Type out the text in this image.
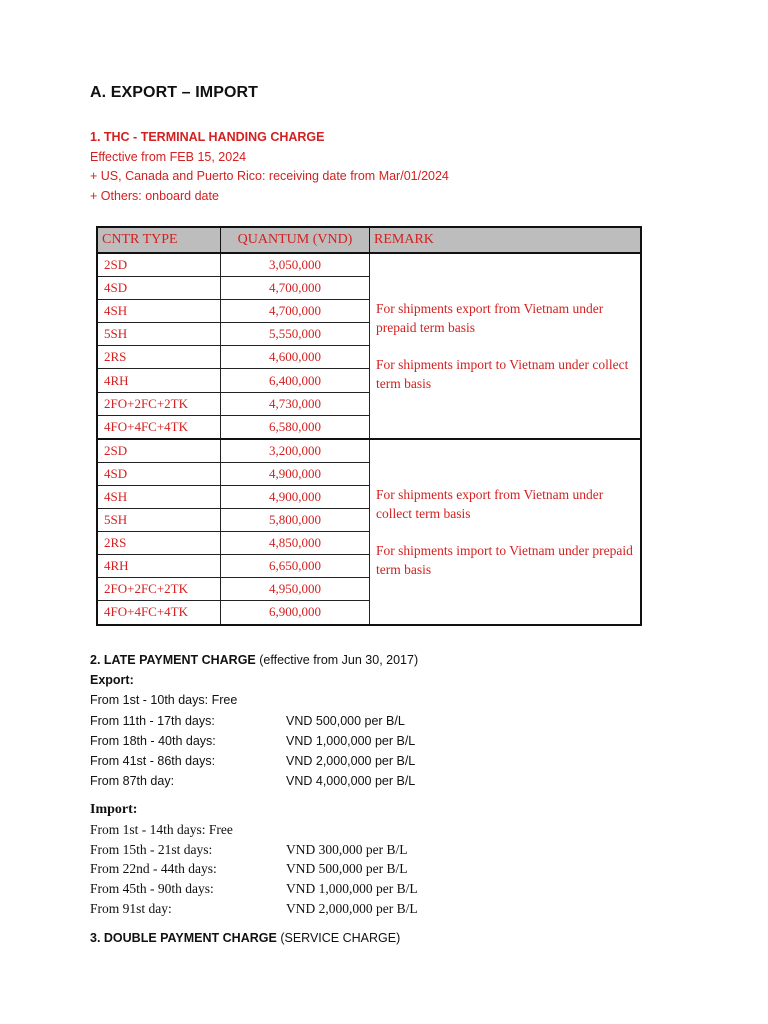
A. EXPORT – IMPORT
1. THC - TERMINAL HANDING CHARGE
Effective from FEB 15, 2024
+ US, Canada and Puerto Rico: receiving date from Mar/01/2024
+ Others: onboard date
CNTR TYPE	QUANTUM (VND)	REMARK
2SD	3,050,000	For shipments export from Vietnam under prepaid term basis

For shipments import to Vietnam under collect term basis

4SD	4,700,000	
4SH	4,700,000	
5SH	5,550,000	
2RS	4,600,000	
4RH	6,400,000	
2FO+2FC+2TK	4,730,000	
4FO+4FC+4TK	6,580,000	
2SD	3,200,000	For shipments export from Vietnam under collect term basis

For shipments import to Vietnam under prepaid term basis

4SD	4,900,000	
4SH	4,900,000	
5SH	5,800,000	
2RS	4,850,000	
4RH	6,650,000	
2FO+2FC+2TK	4,950,000	
4FO+4FC+4TK	6,900,000	
2. LATE PAYMENT CHARGE (effective from Jun 30, 2017)
Export:
From 1st - 10th days: Free
From 11th - 17th days:	VND 500,000 per B/L
From 18th - 40th days:	VND 1,000,000 per B/L
From 41st - 86th days:	VND 2,000,000 per B/L
From 87th day:	VND 4,000,000 per B/L
Import:
From 1st - 14th days: Free
From 15th - 21st days:	VND 300,000 per B/L
From 22nd - 44th days:	VND 500,000 per B/L
From 45th - 90th days:	VND 1,000,000 per B/L
From 91st day:	VND 2,000,000 per B/L
3. DOUBLE PAYMENT CHARGE (SERVICE CHARGE)
